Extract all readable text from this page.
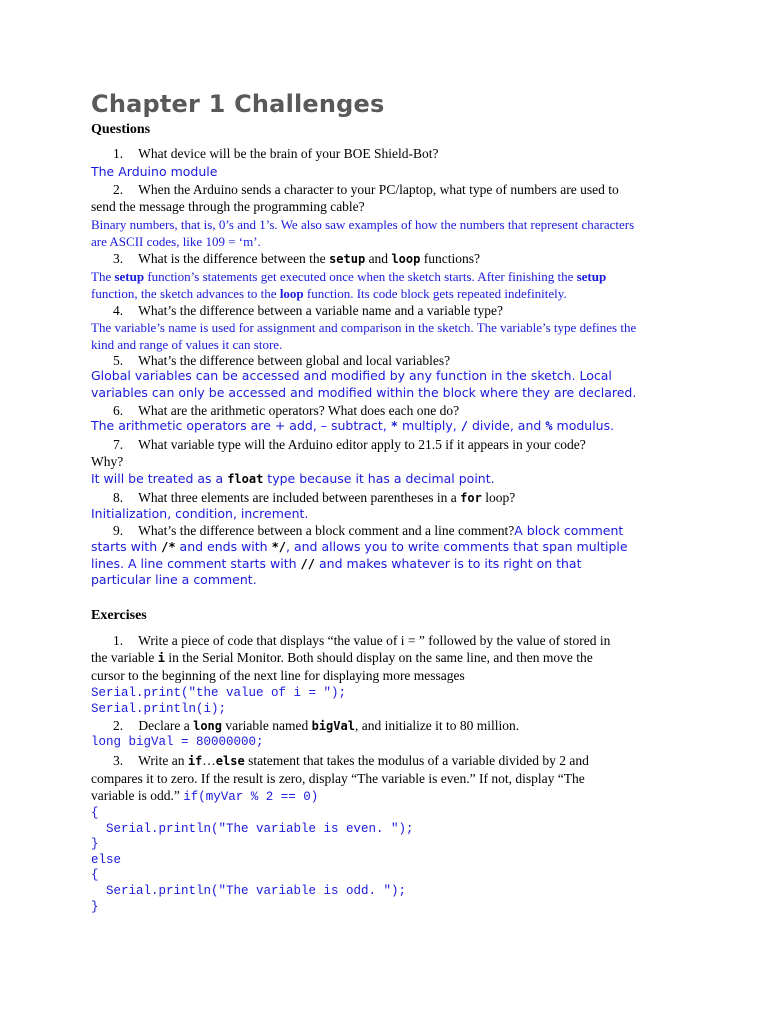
Chapter 1 Challenges
Questions
1. What device will be the brain of your BOE Shield-Bot?
The Arduino module
2. When the Arduino sends a character to your PC/laptop, what type of numbers are used to
send the message through the programming cable?
Binary numbers, that is, 0’s and 1’s. We also saw examples of how the numbers that represent characters
are ASCII codes, like 109 = ‘m’.
3. What is the difference between the setup and loop functions?
The setup function’s statements get executed once when the sketch starts. After finishing the setup
function, the sketch advances to the loop function. Its code block gets repeated indefinitely.
4. What’s the difference between a variable name and a variable type?
The variable’s name is used for assignment and comparison in the sketch. The variable’s type defines the
kind and range of values it can store.
5. What’s the difference between global and local variables?
Global variables can be accessed and modified by any function in the sketch. Local
variables can only be accessed and modified within the block where they are declared.
6. What are the arithmetic operators? What does each one do?
The arithmetic operators are + add, – subtract, * multiply, / divide, and % modulus.
7. What variable type will the Arduino editor apply to 21.5 if it appears in your code?
Why?
It will be treated as a float type because it has a decimal point.
8. What three elements are included between parentheses in a for loop?
Initialization, condition, increment.
9. What’s the difference between a block comment and a line comment?A block comment
starts with /* and ends with */, and allows you to write comments that span multiple
lines. A line comment starts with // and makes whatever is to its right on that
particular line a comment.
Exercises
1. Write a piece of code that displays “the value of i = ” followed by the value of stored in
the variable i in the Serial Monitor. Both should display on the same line, and then move the
cursor to the beginning of the next line for displaying more messages
Serial.print("the value of i = ");
Serial.println(i);
2. Declare a long variable named bigVal, and initialize it to 80 million.
long bigVal = 80000000;
3. Write an if…else statement that takes the modulus of a variable divided by 2 and
compares it to zero. If the result is zero, display “The variable is even.” If not, display “The
variable is odd.” if(myVar % 2 == 0)
{
Serial.println("The variable is even. ");
}
else
{
Serial.println("The variable is odd. ");
}
